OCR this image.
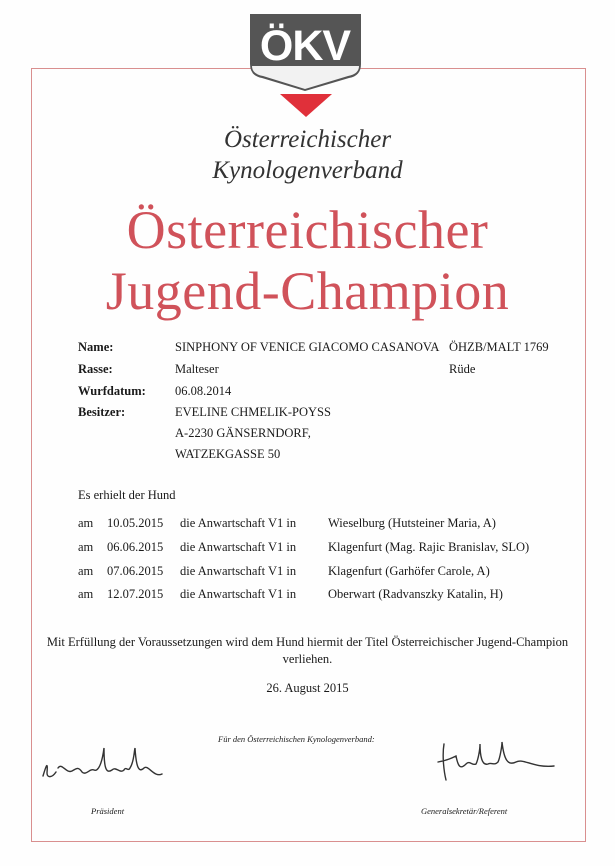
ÖKV
Österreichischer
Kynologenverband
Österreichischer
Jugend-Champion
Name:	SINPHONY OF VENICE GIACOMO CASANOVA ÖHZB/MALT 1769
Rasse:	Malteser	Rüde
Wurfdatum: 06.08.2014
Besitzer:	EVELINE CHMELIK-POYSS
A-2230 GÄNSERNDORF,
WATZEKGASSE 50
Es erhielt der Hund
am 10.05.2015 die Anwartschaft V1 in	Wieselburg (Hutsteiner Maria, A)
am 06.06.2015 die Anwartschaft V1 in	Klagenfurt (Mag. Rajic Branislav, SLO)
am 07.06.2015 die Anwartschaft V1 in	Klagenfurt (Garhöfer Carole, A)
am 12.07.2015 die Anwartschaft V1 in	Oberwart (Radvanszky Katalin, H)
Mit Erfüllung der Voraussetzungen wird dem Hund hiermit der Titel Österreichischer Jugend-Champion
verliehen.
26. August 2015
Für den Österreichischen Kynologenverband:
Präsident	Generalsekretär/Referent
